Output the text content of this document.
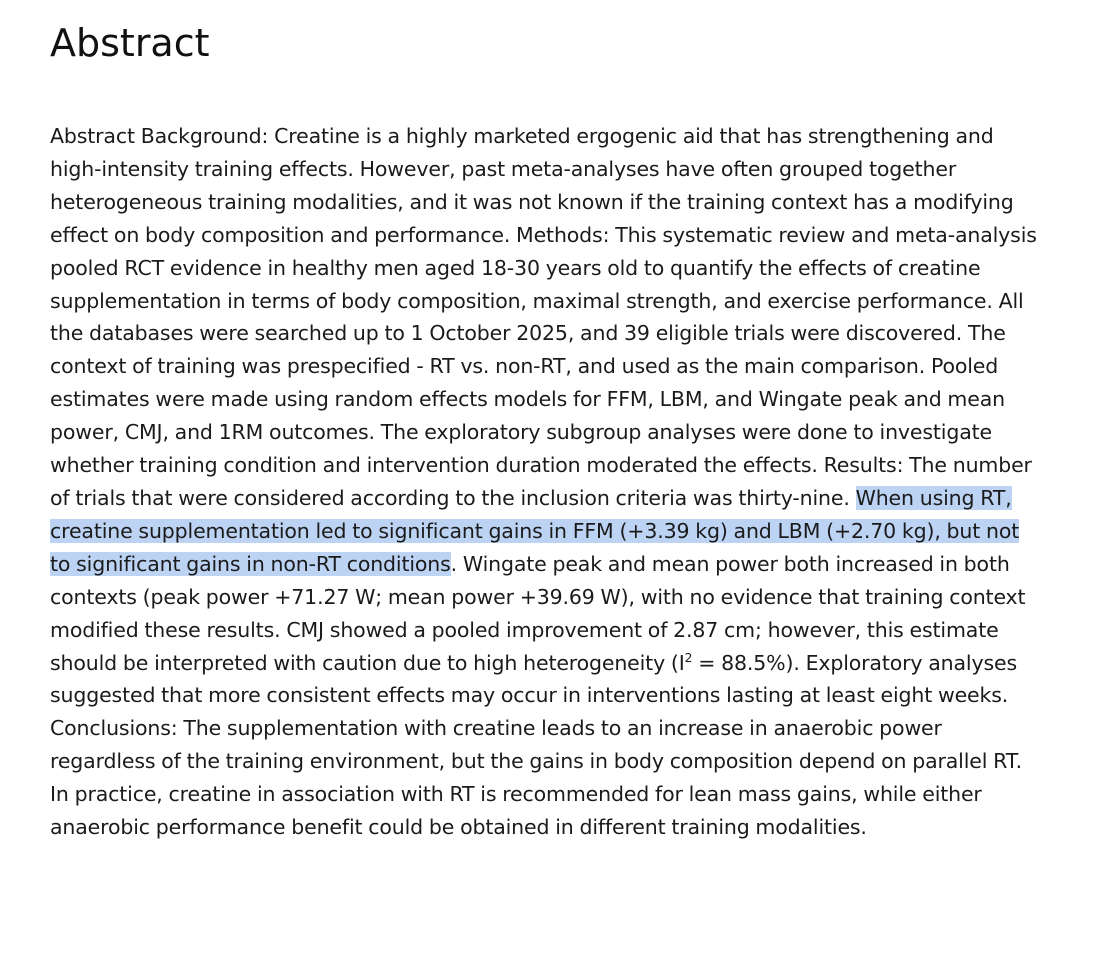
Abstract

Abstract Background: Creatine is a highly marketed ergogenic aid that has strengthening and high-intensity training effects. However, past meta-analyses have often grouped together heterogeneous training modalities, and it was not known if the training context has a modifying effect on body composition and performance. Methods: This systematic review and meta-analysis pooled RCT evidence in healthy men aged 18-30 years old to quantify the effects of creatine supplementation in terms of body composition, maximal strength, and exercise performance. All the databases were searched up to 1 October 2025, and 39 eligible trials were discovered. The context of training was prespecified - RT vs. non-RT, and used as the main comparison. Pooled estimates were made using random effects models for FFM, LBM, and Wingate peak and mean power, CMJ, and 1RM outcomes. The exploratory subgroup analyses were done to investigate whether training condition and intervention duration moderated the effects. Results: The number of trials that were considered according to the inclusion criteria was thirty-nine. When using RT, creatine supplementation led to significant gains in FFM (+3.39 kg) and LBM (+2.70 kg), but not to significant gains in non-RT conditions. Wingate peak and mean power both increased in both contexts (peak power +71.27 W; mean power +39.69 W), with no evidence that training context modified these results. CMJ showed a pooled improvement of 2.87 cm; however, this estimate should be interpreted with caution due to high heterogeneity $(I^2 = 88.5\%)$. Exploratory analyses suggested that more consistent effects may occur in interventions lasting at least eight weeks. Conclusions: The supplementation with creatine leads to an increase in anaerobic power regardless of the training environment, but the gains in body composition depend on parallel RT. In practice, creatine in association with RT is recommended for lean mass gains, while either anaerobic performance benefit could be obtained in different training modalities.
